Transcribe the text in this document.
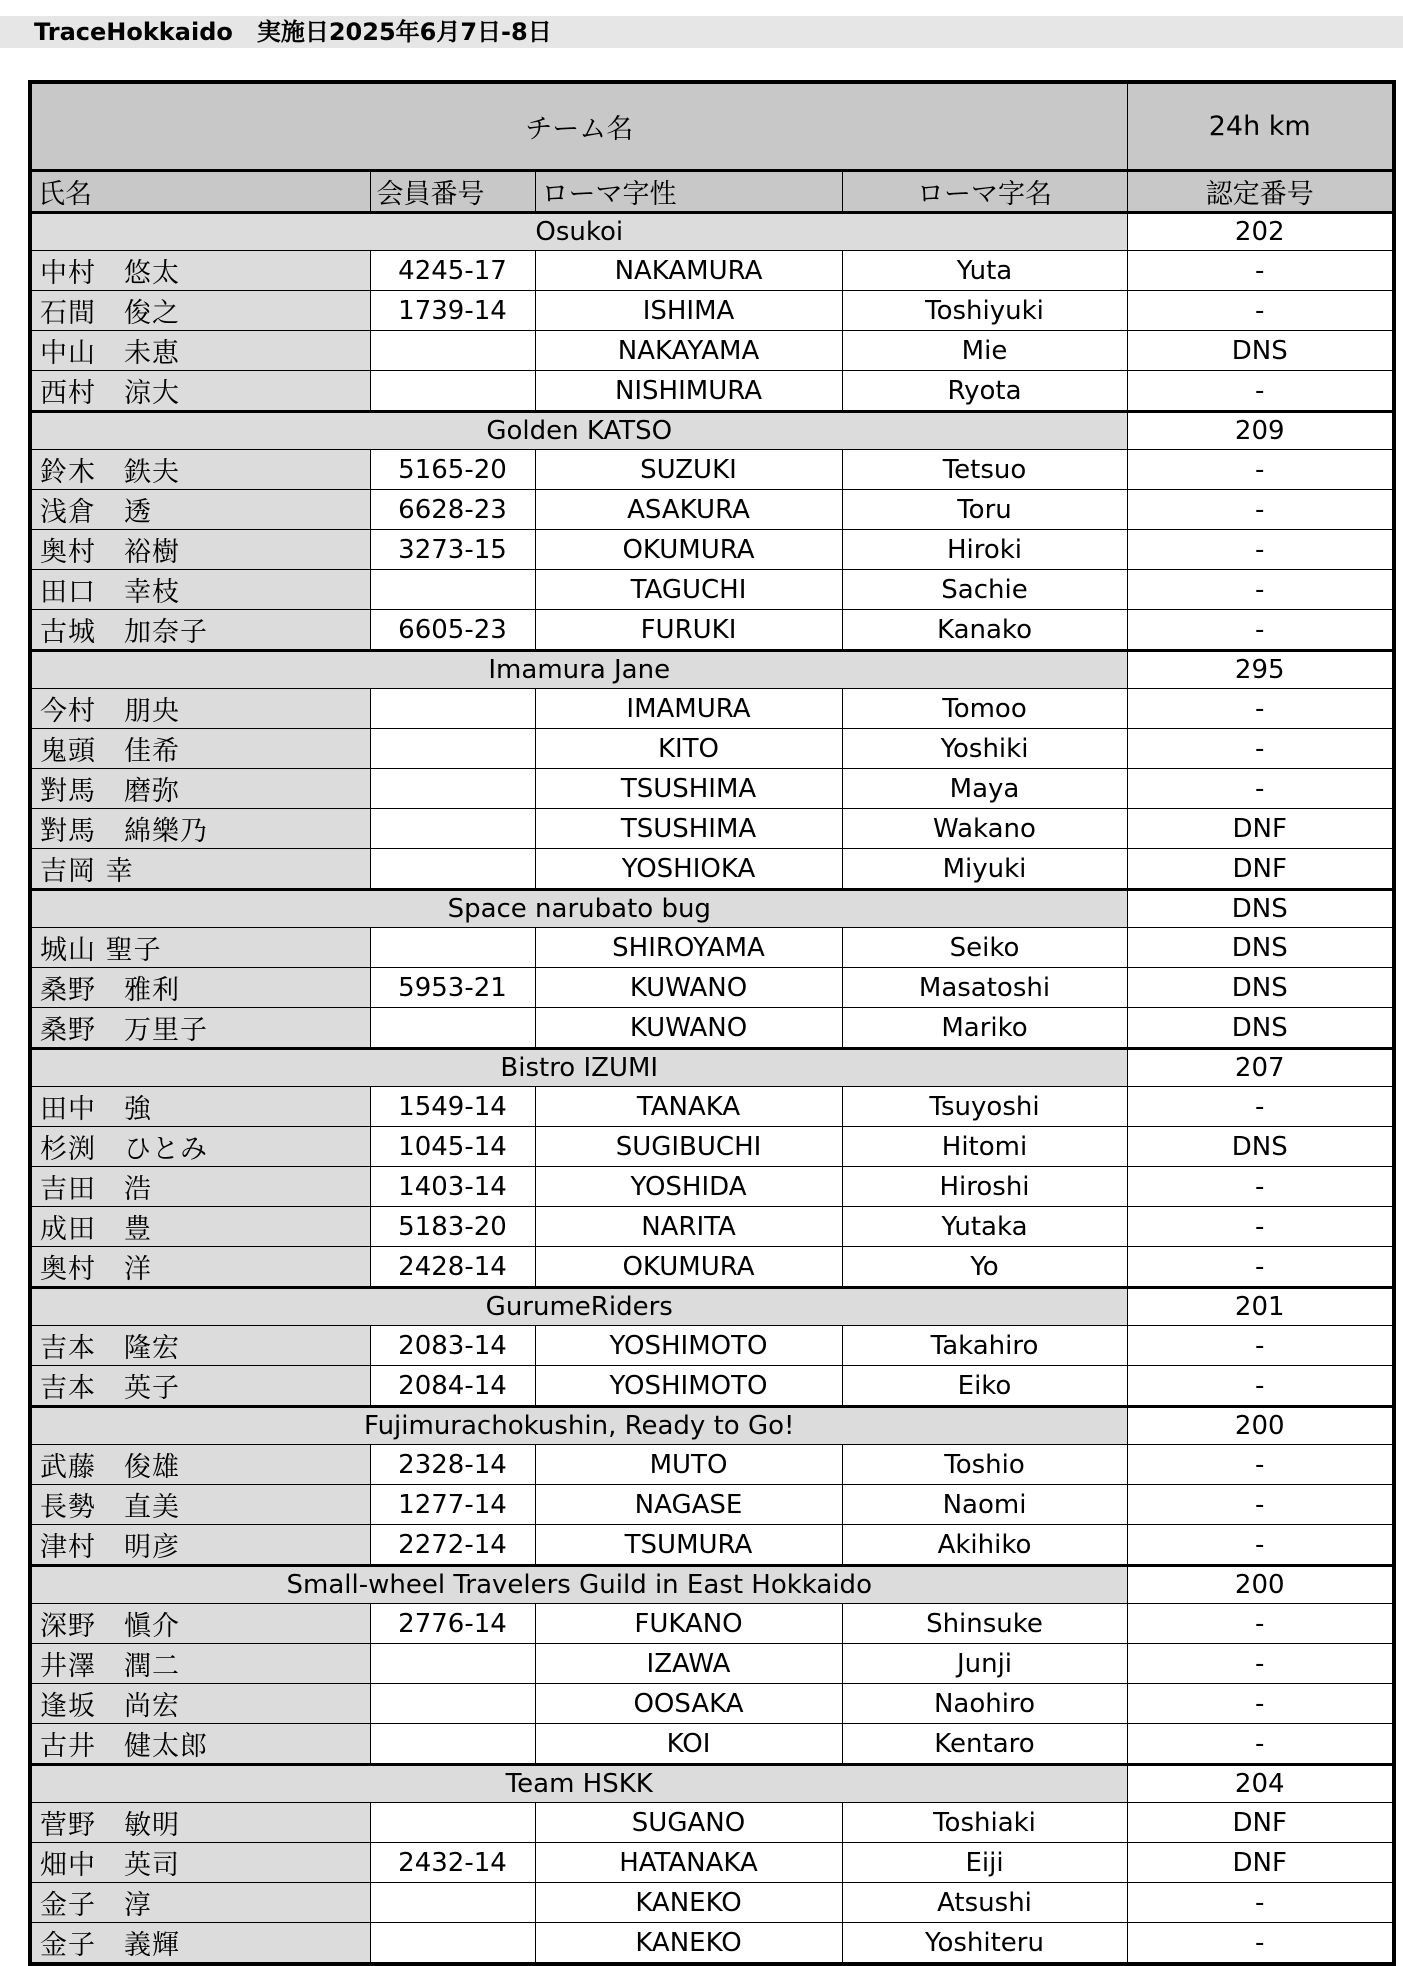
TraceHokkaido　実施日2025年6月7日-8日
チーム名				24h km
氏名	会員番号	ローマ字性	ローマ字名	認定番号
Osukoi				202
中村　悠太	4245-17	NAKAMURA	Yuta	-
石間　俊之	1739-14	ISHIMA	Toshiyuki	-
中山　未恵		NAKAYAMA	Mie	DNS
西村　涼大		NISHIMURA	Ryota	-
Golden KATSO				209
鈴木　鉄夫	5165-20	SUZUKI	Tetsuo	-
浅倉　透	6628-23	ASAKURA	Toru	-
奥村　裕樹	3273-15	OKUMURA	Hiroki	-
田口　幸枝		TAGUCHI	Sachie	-
古城　加奈子	6605-23	FURUKI	Kanako	-
Imamura Jane				295
今村　朋央		IMAMURA	Tomoo	-
鬼頭　佳希		KITO	Yoshiki	-
對馬　磨弥		TSUSHIMA	Maya	-
對馬　綿樂乃		TSUSHIMA	Wakano	DNF
吉岡 幸		YOSHIOKA	Miyuki	DNF
Space narubato bug				DNS
城山 聖子		SHIROYAMA	Seiko	DNS
桑野　雅利	5953-21	KUWANO	Masatoshi	DNS
桑野　万里子		KUWANO	Mariko	DNS
Bistro IZUMI				207
田中　強	1549-14	TANAKA	Tsuyoshi	-
杉渕　ひとみ	1045-14	SUGIBUCHI	Hitomi	DNS
吉田　浩	1403-14	YOSHIDA	Hiroshi	-
成田　豊	5183-20	NARITA	Yutaka	-
奥村　洋	2428-14	OKUMURA	Yo	-
GurumeRiders				201
吉本　隆宏	2083-14	YOSHIMOTO	Takahiro	-
吉本　英子	2084-14	YOSHIMOTO	Eiko	-
Fujimurachokushin, Ready to Go!				200
武藤　俊雄	2328-14	MUTO	Toshio	-
長勢　直美	1277-14	NAGASE	Naomi	-
津村　明彦	2272-14	TSUMURA	Akihiko	-
Small-wheel Travelers Guild in East Hokkaido				200
深野　愼介	2776-14	FUKANO	Shinsuke	-
井澤　潤二		IZAWA	Junji	-
逢坂　尚宏		OOSAKA	Naohiro	-
古井　健太郎		KOI	Kentaro	-
Team HSKK				204
菅野　敏明		SUGANO	Toshiaki	DNF
畑中　英司	2432-14	HATANAKA	Eiji	DNF
金子　淳		KANEKO	Atsushi	-
金子　義輝		KANEKO	Yoshiteru	-
